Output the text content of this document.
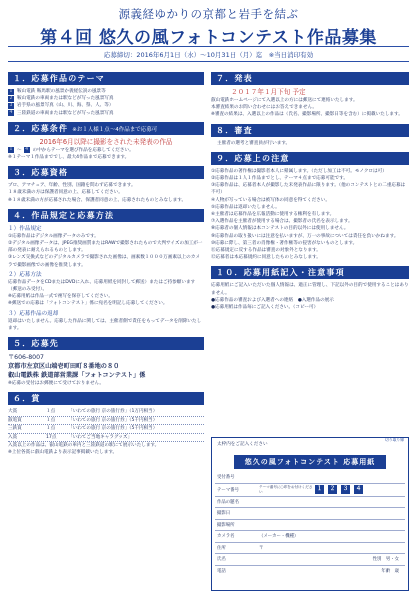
源義経ゆかりの京都と岩手を結ぶ
第４回 悠久の風フォトコンテスト作品募集
応募締切：2016年6月1日（水）〜10月31日（月）迄　※当日消印有効
１．応募作品のテーマ
１ 鞍山電鉄 鞍馬駅の風景か義経伝説の風景等
２ 鞍山電鉄の車両または駅などが写った風景写真
３ 岩手県の風景写真（山、川、海、祭、人、等）
４ 三陸鉄道の車両または駅などが写った風景写真
２．応募条件 ※お１人様１点〜4作品まで応募可
2016年6月以降に撮影をされた未発表の作品
１ 〜 ４ の中からテーマを選び作品を応募してください。
※１テーマ１作品まででし、最大4作品まで応募できます。
３．応募資格
プロ、アマチュア、年齢、性別、国籍を問わず応募できます。
１８歳未満の方は保護者同意の上、応募してください。
※１８歳未満の方が応募された場合、保護者同意の上、応募されたものとみなします。
４．作品規定と応募方法
１）作品規定
①応募作品はデジタル画像データのみです。
②デジタル画像データは、JPEG推奨画質またはRAWで撮影されたもので大判サイズの加工が一部の発表に耐えられるものとします。
③レンズ交換式などのデジタルカメラで撮影された画像は、画素数１０００万画素以上のカメラで撮影画像での画像を推奨します。
２）応募方法
応募作品データをCDまたはDVDに入れ、応募用紙を同封して郵送）またはご持参願います（郵送のみ受付）。
※応募用紙は作品一式で複写を保存してください。
※郵送での応募は「フォトコンテスト」係に宛名を明記し応募してください。
３）応募作品の返却
返却はいたしません。応募した作品に関しては、主催者側で責任をもってデータを削除いたします。
５．応募先
〒606-8007
京都市左京区山端壱町田町８番地の８０
叡山電鉄株 鉄道部営業課「フォトコンテスト」係
※応募の受付はお郵便にて受けておりません。
６．賞
大賞	１点	「いわての旅行 京の旅行券」（1万円相当）
叡電賞	１点	「いわての旅行 京の旅行券」（5千円相当）
三鉄賞	１点	「いわての旅行 京の旅行券」（5千円相当）
入賞	17点	「いわてご当地キャラグッズ」
入賞以上の作品は、叡山電鉄の車内と三陸鉄道の駅にて展示いたします。
※上位各賞に叡山電鉄より表示記事掲載いたします。
７．発表
２０１７年１月下旬 予定
叡山電鉄ホームページにて入選以上の方には郵送にて連絡いたします。
本審査結果のお問い合わせにはお答えできません。
※審査の結果は、入選以上の作品は（氏名、撮影場所、撮影日等を含む）に掲載いたします。
８．審査
主催者の選考と審査員が行います。
９．応募上の注意
①応募作品の著作権は撮影者本人に帰属します。（ただし加工は不可。モノクロは可）
②応募作品は１人１作品までとし、テーマ４点まで応募可能です。
③応募作品は、応募者本人が撮影した未発表作品に限ります。（他のコンテストとの二重応募は不可）
④人物が写っている場合は被写体の同意を得てください。
⑤応募作品は返却いたしません。
⑥主催者は応募作品を広報活動に使用する権利を有します。
⑦入選作品を主催者が使用する場合は、撮影者の氏名を表示します。
⑧応募者の個人情報は本コンテストの目的以外には使用しません。
⑨応募作品の取り扱いには注意を払いますが、万一の事故については責任を負いかねます。
⑩応募に際し、第三者の肖像権・著作権等の侵害がないものとします。
⑪応募規定に反する作品は審査の対象外となります。
⑫応募者は本応募規約に同意したものとみなします。
１０．応募用紙記入・注意事項
応募用紙にご記入いただいた個人情報は、適正に管理し、下記以外の目的で使用することはありません。
●応募作品の審査および入選者への連絡　●入選作品の展示
●応募用紙は作品毎にご記入ください。（コピー可）
切り取り線
太枠内をご記入ください
悠久の風フォトコンテスト 応募用紙
受付番号
テーマ番号
テーマ番号に○印をお付けください	１	２	３	４
作品の題名
撮影日
撮影場所
カメラ名	（メーカー・機種）
住所	〒
氏名	性別　男・女
電話	年齢　歳
